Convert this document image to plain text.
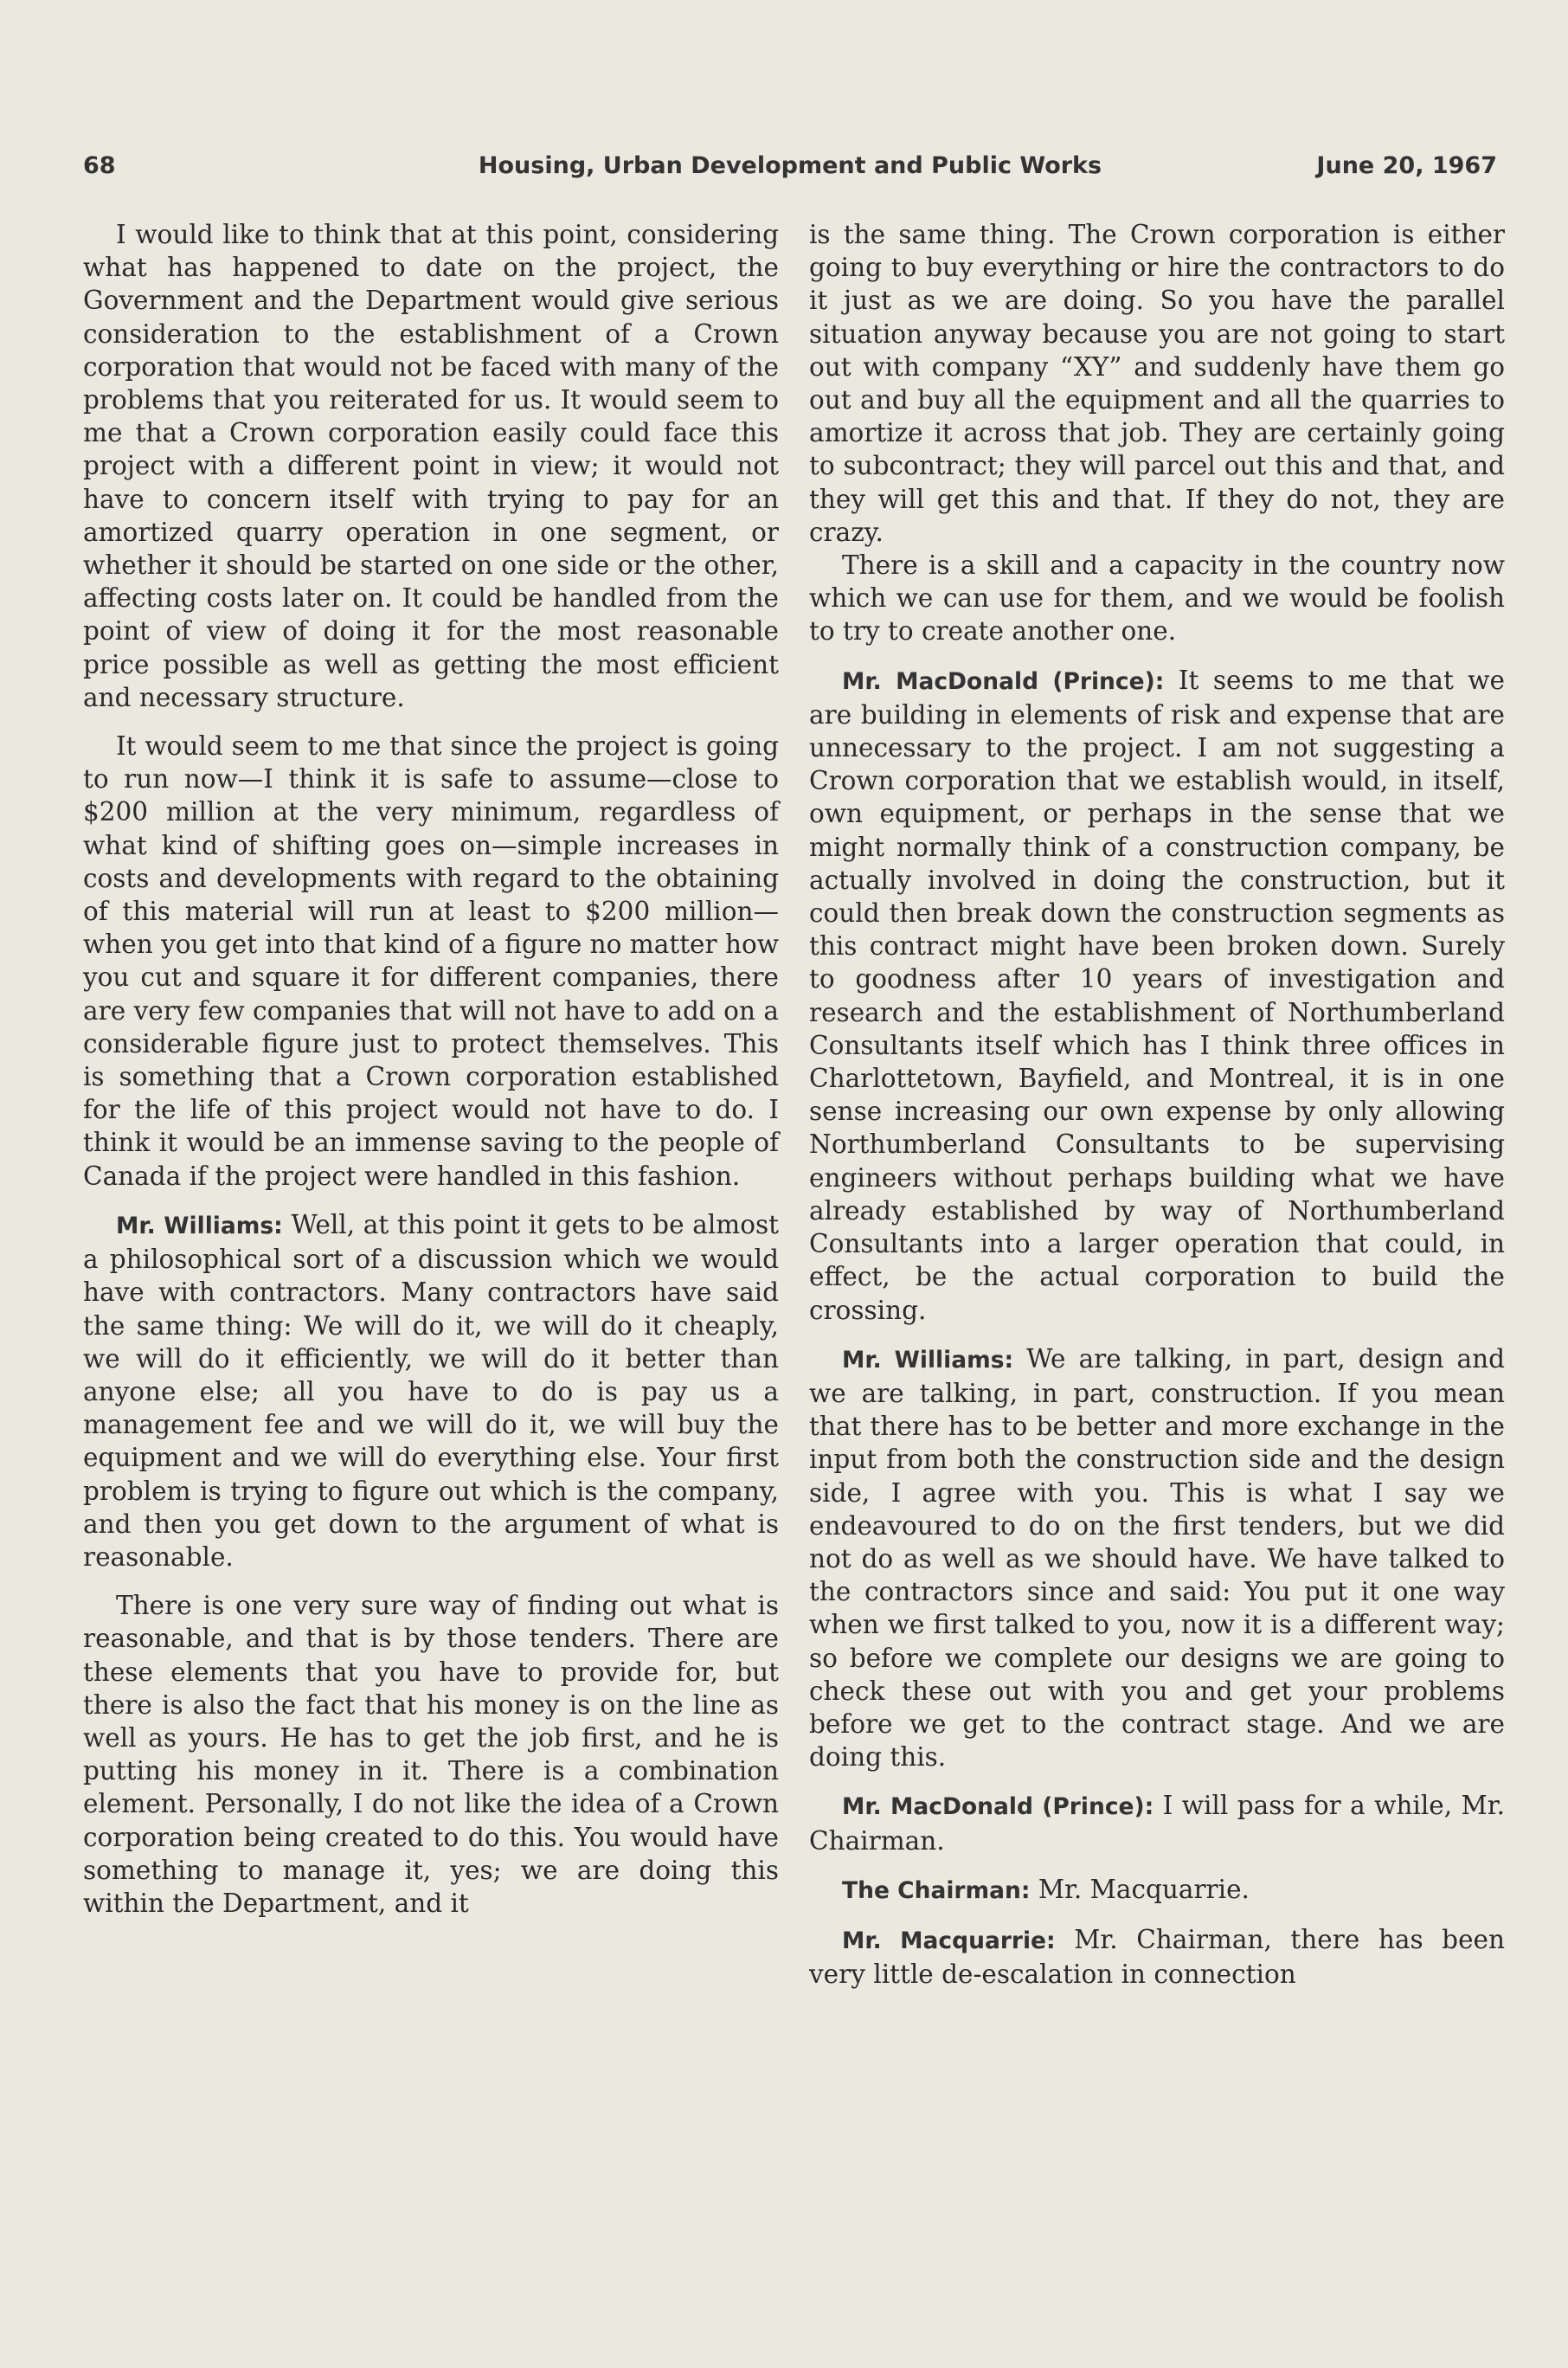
68	Housing, Urban Development and Public Works	June 20, 1967

I would like to think that at this point, considering what has happened to date on the project, the Government and the Department would give serious consideration to the establishment of a Crown corporation that would not be faced with many of the problems that you reiterated for us. It would seem to me that a Crown corporation easily could face this project with a different point in view; it would not have to concern itself with trying to pay for an amortized quarry operation in one segment, or whether it should be started on one side or the other, affecting costs later on. It could be handled from the point of view of doing it for the most reasonable price possible as well as getting the most efficient and necessary structure.

It would seem to me that since the project is going to run now—I think it is safe to assume—close to $200 million at the very minimum, regardless of what kind of shifting goes on—simple increases in costs and developments with regard to the obtaining of this material will run at least to $200 million—when you get into that kind of a figure no matter how you cut and square it for different companies, there are very few companies that will not have to add on a considerable figure just to protect themselves. This is something that a Crown corporation established for the life of this project would not have to do. I think it would be an immense saving to the people of Canada if the project were handled in this fashion.

Mr. Williams: Well, at this point it gets to be almost a philosophical sort of a discussion which we would have with contractors. Many contractors have said the same thing: We will do it, we will do it cheaply, we will do it efficiently, we will do it better than anyone else; all you have to do is pay us a management fee and we will do it, we will buy the equipment and we will do everything else. Your first problem is trying to figure out which is the company, and then you get down to the argument of what is reasonable.

There is one very sure way of finding out what is reasonable, and that is by those tenders. There are these elements that you have to provide for, but there is also the fact that his money is on the line as well as yours. He has to get the job first, and he is putting his money in it. There is a combination element. Personally, I do not like the idea of a Crown corporation being created to do this. You would have something to manage it, yes; we are doing this within the Department, and it

is the same thing. The Crown corporation is either going to buy everything or hire the contractors to do it just as we are doing. So you have the parallel situation anyway because you are not going to start out with company “XY” and suddenly have them go out and buy all the equipment and all the quarries to amortize it across that job. They are certainly going to subcontract; they will parcel out this and that, and they will get this and that. If they do not, they are crazy.

There is a skill and a capacity in the country now which we can use for them, and we would be foolish to try to create another one.

Mr. MacDonald (Prince): It seems to me that we are building in elements of risk and expense that are unnecessary to the project. I am not suggesting a Crown corporation that we establish would, in itself, own equipment, or perhaps in the sense that we might normally think of a construction company, be actually involved in doing the construction, but it could then break down the construction segments as this contract might have been broken down. Surely to goodness after 10 years of investigation and research and the establishment of Northumberland Consultants itself which has I think three offices in Charlottetown, Bayfield, and Montreal, it is in one sense increasing our own expense by only allowing Northumberland Consultants to be supervising engineers without perhaps building what we have already established by way of Northumberland Consultants into a larger operation that could, in effect, be the actual corporation to build the crossing.

Mr. Williams: We are talking, in part, design and we are talking, in part, construction. If you mean that there has to be better and more exchange in the input from both the construction side and the design side, I agree with you. This is what I say we endeavoured to do on the first tenders, but we did not do as well as we should have. We have talked to the contractors since and said: You put it one way when we first talked to you, now it is a different way; so before we complete our designs we are going to check these out with you and get your problems before we get to the contract stage. And we are doing this.

Mr. MacDonald (Prince): I will pass for a while, Mr. Chairman.

The Chairman: Mr. Macquarrie.

Mr. Macquarrie: Mr. Chairman, there has been very little de-escalation in connection
